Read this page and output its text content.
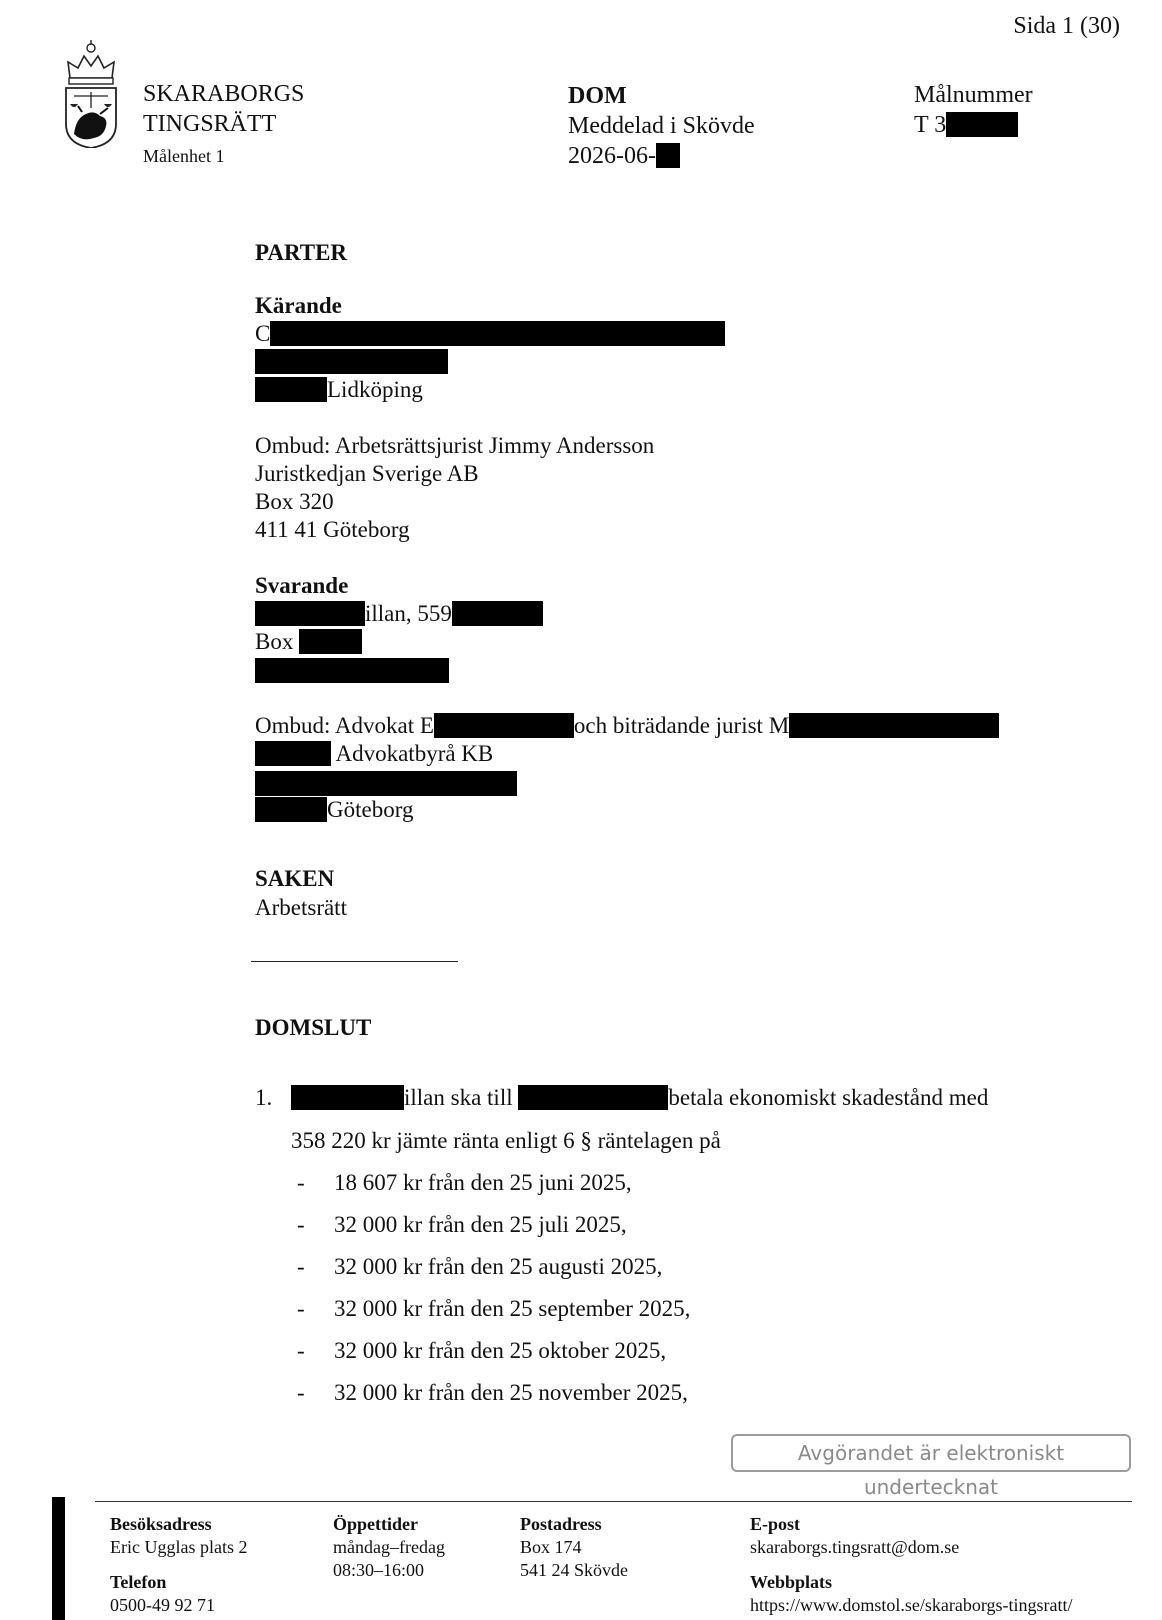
Sida 1 (30)
SKARABORGS
TINGSRÄTT
Målenhet 1
DOM
Meddelad i Skövde
2026-06-
Målnummer
T 3
PARTER
Kärande
C
Lidköping
Ombud: Arbetsrättsjurist Jimmy Andersson
Juristkedjan Sverige AB
Box 320
411 41 Göteborg
Svarande
illan, 559
Box
Ombud: Advokat E	och biträdande jurist M
Advokatbyrå KB
Göteborg
SAKEN
Arbetsrätt
DOMSLUT
1.	illan ska till	betala ekonomiskt skadestånd med
358 220 kr jämte ränta enligt 6 § räntelagen på
- 18 607 kr från den 25 juni 2025,
- 32 000 kr från den 25 juli 2025,
- 32 000 kr från den 25 augusti 2025,
- 32 000 kr från den 25 september 2025,
- 32 000 kr från den 25 oktober 2025,
- 32 000 kr från den 25 november 2025,
Avgörandet är elektroniskt undertecknat
Besöksadress
Eric Ugglas plats 2
Telefon
0500-49 92 71
Öppettider
måndag–fredag
08:30–16:00
Postadress
Box 174
541 24 Skövde
E-post
skaraborgs.tingsratt@dom.se
Webbplats
https://www.domstol.se/skaraborgs-tingsratt/
